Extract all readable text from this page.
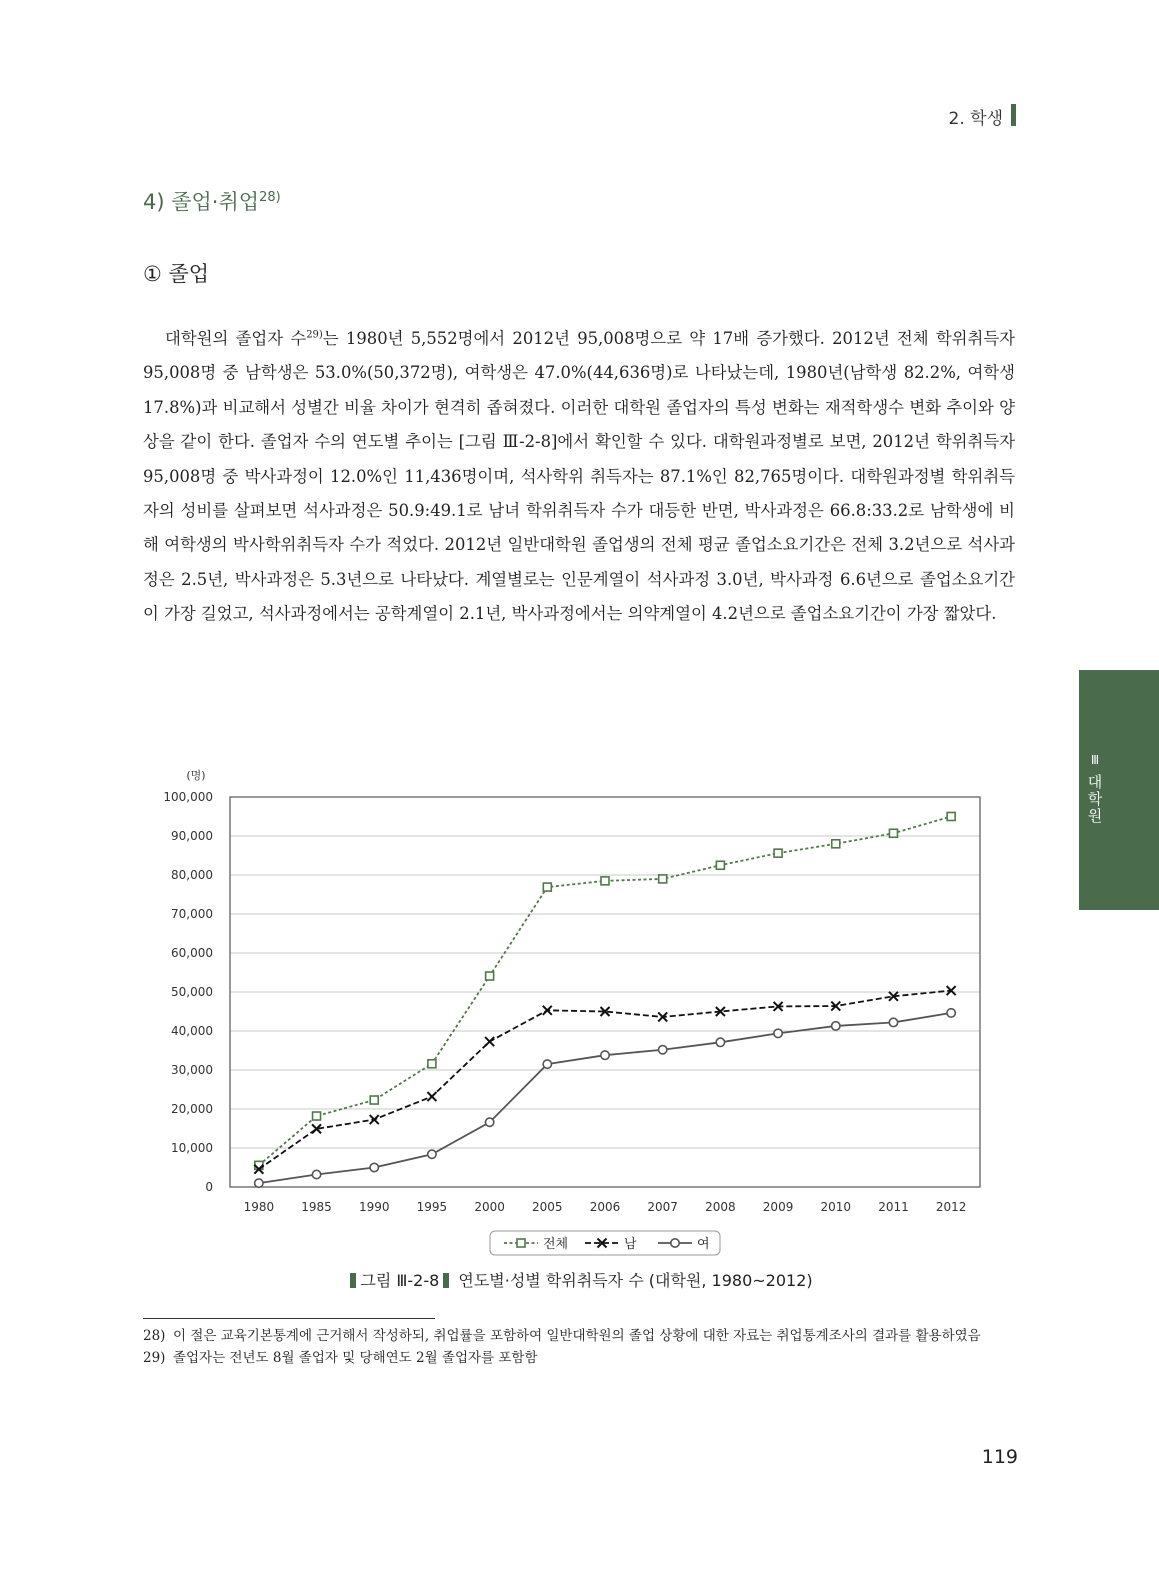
2. 학생
4) 졸업·취업$^{28)}$
① 졸업

대학원의 졸업자 수$^{29)}$는 1980년 5,552명에서 2012년 95,008명으로 약 17배 증가했다. 2012년 전체 학위취득자 95,008명 중 남학생은 53.0%(50,372명), 여학생은 47.0%(44,636명)로 나타났는데, 1980년(남학생 82.2%, 여학생 17.8%)과 비교해서 성별간 비율 차이가 현격히 좁혀졌다. 이러한 대학원 졸업자의 특성 변화는 재적학생수 변화 추이와 양상을 같이 한다. 졸업자 수의 연도별 추이는 [그림 Ⅲ-2-8]에서 확인할 수 있다. 대학원과정별로 보면, 2012년 학위취득자 95,008명 중 박사과정이 12.0%인 11,436명이며, 석사학위 취득자는 87.1%인 82,765명이다. 대학원과정별 학위취득자의 성비를 살펴보면 석사과정은 50.9:49.1로 남녀 학위취득자 수가 대등한 반면, 박사과정은 66.8:33.2로 남학생에 비해 여학생의 박사학위취득자 수가 적었다. 2012년 일반대학원 졸업생의 전체 평균 졸업소요기간은 전체 3.2년으로 석사과정은 2.5년, 박사과정은 5.3년으로 나타났다. 계열별로는 인문계열이 석사과정 3.0년, 박사과정 6.6년으로 졸업소요기간이 가장 길었고, 석사과정에서는 공학계열이 2.1년, 박사과정에서는 의약계열이 4.2년으로 졸업소요기간이 가장 짧았다.

Ⅲ
대
학
원
0
10,000
20,000
30,000
40,000
50,000
60,000
70,000
80,000
90,000
100,000
(명)
1980 1985 1990 1995 2000 2005 2006 2007 2008 2009 2010 2011 2012
전체	남	여
그림 Ⅲ-2-8 연도별·성별 학위취득자 수 (대학원, 1980~2012)
28) 이 절은 교육기본통계에 근거해서 작성하되, 취업률을 포함하여 일반대학원의 졸업 상황에 대한 자료는 취업통계조사의 결과를 활용하였음
29) 졸업자는 전년도 8월 졸업자 및 당해연도 2월 졸업자를 포함함
119
